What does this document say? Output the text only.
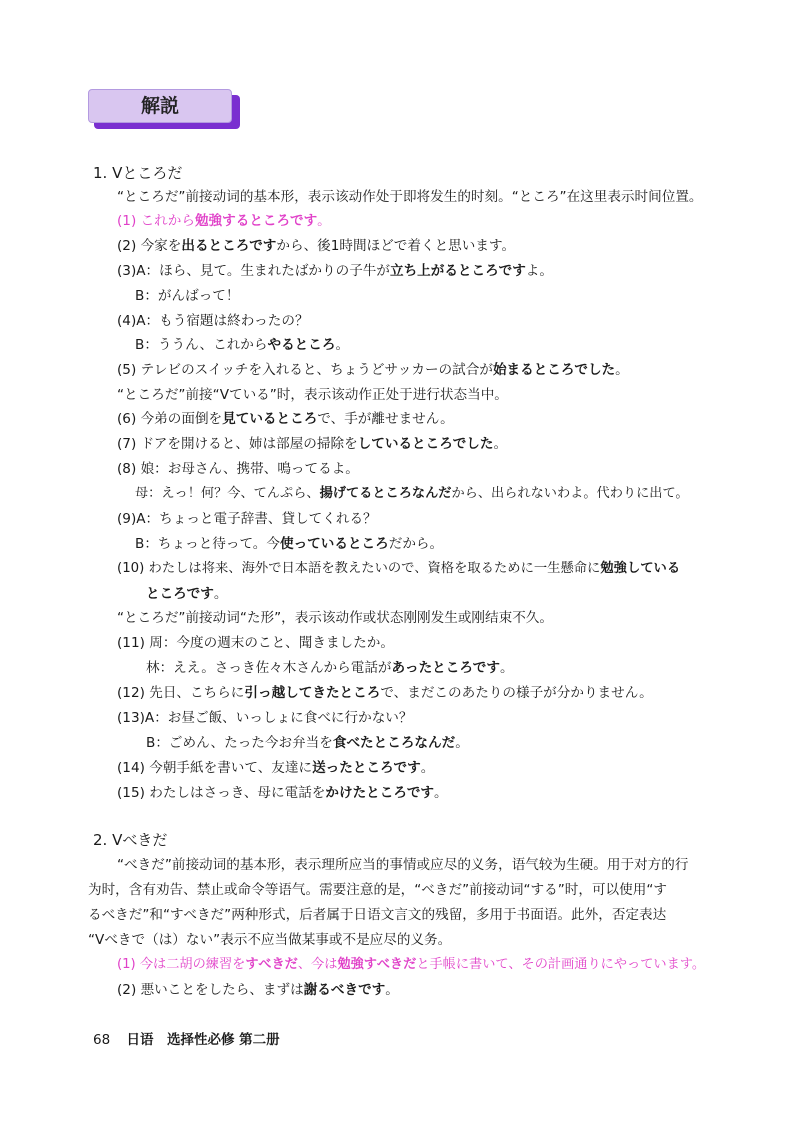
解説
1. Vところだ
“ところだ”前接动词的基本形，表示该动作处于即将发生的时刻。“ところ”在这里表示时间位置。
(1) これから勉強するところです。
(2) 今家を出るところですから、後1時間ほどで着くと思います。
(3)A：ほら、見て。生まれたばかりの子牛が立ち上がるところですよ。
B：がんばって！
(4)A：もう宿題は終わったの？
B：ううん、これからやるところ。
(5) テレビのスイッチを入れると、ちょうどサッカーの試合が始まるところでした。
“ところだ”前接“Vている”时，表示该动作正处于进行状态当中。
(6) 今弟の面倒を見ているところで、手が離せません。
(7) ドアを開けると、姉は部屋の掃除をしているところでした。
(8) 娘：お母さん、携帯、鳴ってるよ。
母：えっ！何？今、てんぷら、揚げてるところなんだから、出られないわよ。代わりに出て。
(9)A：ちょっと電子辞書、貸してくれる？
B：ちょっと待って。今使っているところだから。
(10) わたしは将来、海外で日本語を教えたいので、資格を取るために一生懸命に勉強している
ところです。
“ところだ”前接动词“た形”，表示该动作或状态刚刚发生或刚结束不久。
(11) 周：今度の週末のこと、聞きましたか。
林：ええ。さっき佐々木さんから電話があったところです。
(12) 先日、こちらに引っ越してきたところで、まだこのあたりの様子が分かりません。
(13)A：お昼ご飯、いっしょに食べに行かない？
B：ごめん、たった今お弁当を食べたところなんだ。
(14) 今朝手紙を書いて、友達に送ったところです。
(15) わたしはさっき、母に電話をかけたところです。
2. Vべきだ
“べきだ”前接动词的基本形，表示理所应当的事情或应尽的义务，语气较为生硬。用于对方的行
为时，含有劝告、禁止或命令等语气。需要注意的是，“べきだ”前接动词“する”时，可以使用“す
るべきだ”和“すべきだ”两种形式，后者属于日语文言文的残留，多用于书面语。此外，否定表达
“Vべきで（は）ない”表示不应当做某事或不是应尽的义务。
(1) 今は二胡の練習をすべきだ、今は勉強すべきだと手帳に書いて、その計画通りにやっています。
(2) 悪いことをしたら、まずは謝るべきです。
68 日语　选择性必修 第二册
